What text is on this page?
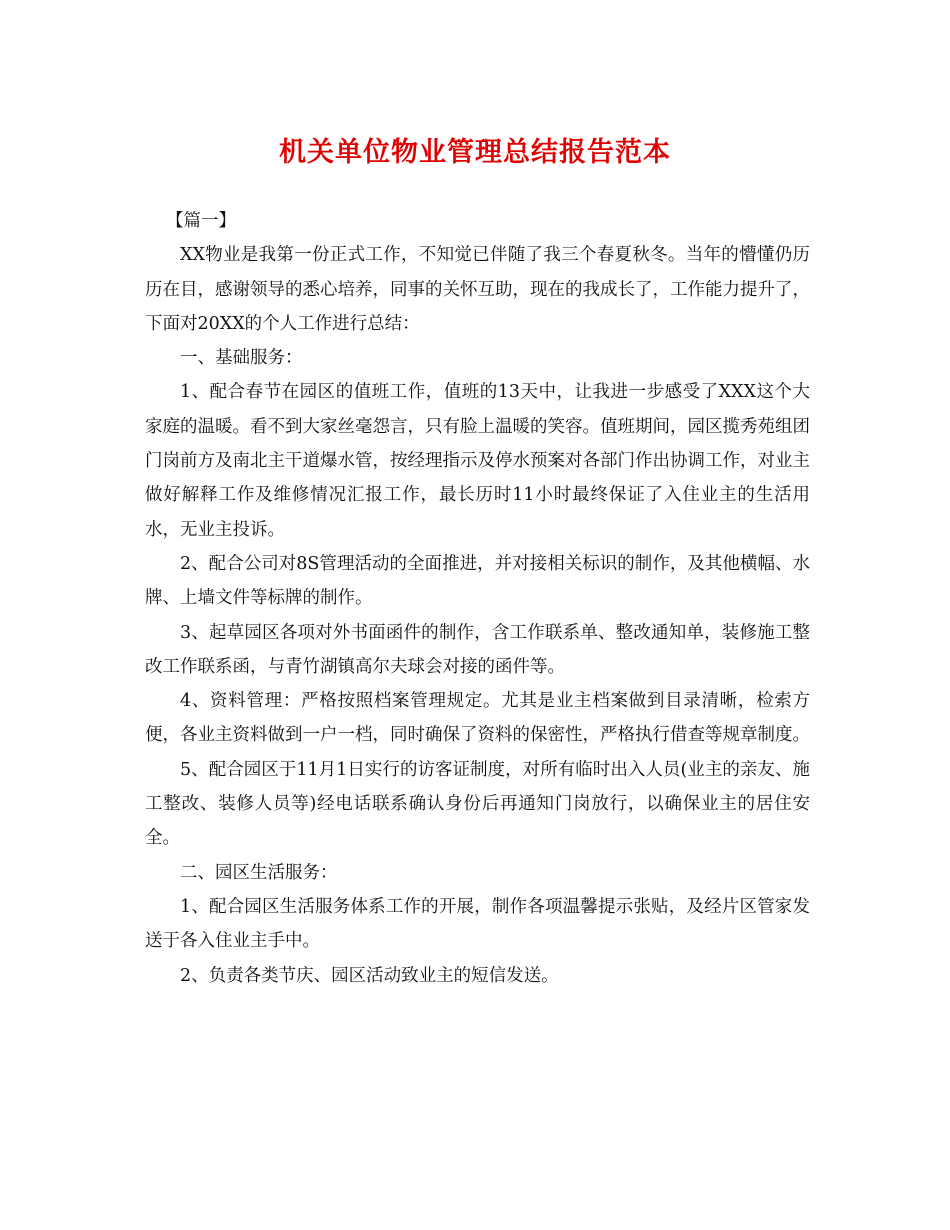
机关单位物业管理总结报告范本

【篇一】

XX物业是我第一份正式工作，不知觉已伴随了我三个春夏秋冬。当年的懵懂仍历历在目，感谢领导的悉心培养，同事的关怀互助，现在的我成长了，工作能力提升了，下面对20XX的个人工作进行总结：

一、基础服务：

1、配合春节在园区的值班工作，值班的13天中，让我进一步感受了XXX这个大家庭的温暖。看不到大家丝毫怨言，只有脸上温暖的笑容。值班期间，园区揽秀苑组团门岗前方及南北主干道爆水管，按经理指示及停水预案对各部门作出协调工作，对业主做好解释工作及维修情况汇报工作，最长历时11小时最终保证了入住业主的生活用水，无业主投诉。

2、配合公司对8S管理活动的全面推进，并对接相关标识的制作，及其他横幅、水牌、上墙文件等标牌的制作。

3、起草园区各项对外书面函件的制作，含工作联系单、整改通知单，装修施工整改工作联系函，与青竹湖镇高尔夫球会对接的函件等。

4、资料管理：严格按照档案管理规定。尤其是业主档案做到目录清晰，检索方便，各业主资料做到一户一档，同时确保了资料的保密性，严格执行借查等规章制度。

5、配合园区于11月1日实行的访客证制度，对所有临时出入人员(业主的亲友、施工整改、装修人员等)经电话联系确认身份后再通知门岗放行，以确保业主的居住安全。

二、园区生活服务：

1、配合园区生活服务体系工作的开展，制作各项温馨提示张贴，及经片区管家发送于各入住业主手中。

2、负责各类节庆、园区活动致业主的短信发送。
